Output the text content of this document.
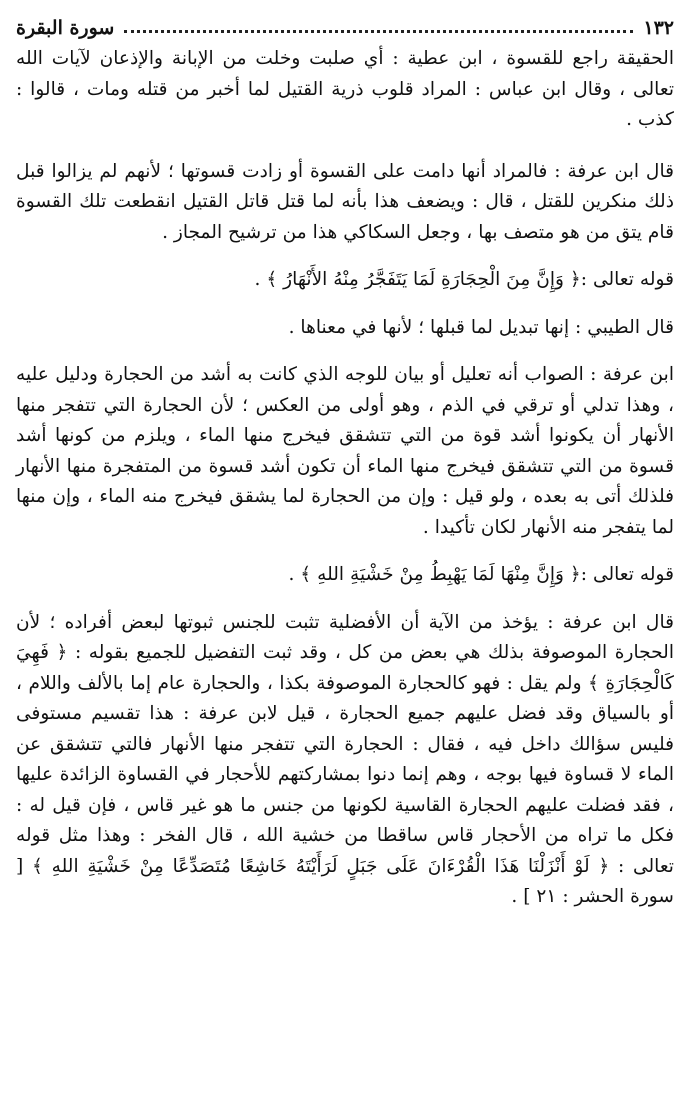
١٣٢
سورة البقرة

الحقيقة راجع للقسوة ، ابن عطية : أي صلبت وخلت من الإبانة والإذعان لآيات الله تعالى ، وقال ابن عباس : المراد قلوب ذرية القتيل لما أخبر من قتله ومات ، قالوا : كذب .

قال ابن عرفة : فالمراد أنها دامت على القسوة أو زادت قسوتها ؛ لأنهم لم يزالوا قبل ذلك منكرين للقتل ، قال : ويضعف هذا بأنه لما قتل قاتل القتيل انقطعت تلك القسوة قام يتق من هو متصف بها ، وجعل السكاكي هذا من ترشيح المجاز .

قوله تعالى :﴿ وَإِنَّ مِنَ الْحِجَارَةِ لَمَا يَتَفَجَّرُ مِنْهُ الأَنْهَارُ ﴾ .

قال الطيبي : إنها تبديل لما قبلها ؛ لأنها في معناها .

ابن عرفة : الصواب أنه تعليل أو بيان للوجه الذي كانت به أشد من الحجارة ودليل عليه ، وهذا تدلي أو ترقي في الذم ، وهو أولى من العكس ؛ لأن الحجارة التي تتفجر منها الأنهار أن يكونوا أشد قوة من التي تتشقق فيخرج منها الماء ، ويلزم من كونها أشد قسوة من التي تتشقق فيخرج منها الماء أن تكون أشد قسوة من المتفجرة منها الأنهار فلذلك أتى به بعده ، ولو قيل : وإن من الحجارة لما يشقق فيخرج منه الماء ، وإن منها لما يتفجر منه الأنهار لكان تأكيدا .

قوله تعالى :﴿ وَإِنَّ مِنْهَا لَمَا يَهْبِطُ مِنْ خَشْيَةِ اللهِ ﴾ .

قال ابن عرفة : يؤخذ من الآية أن الأفضلية تثبت للجنس ثبوتها لبعض أفراده ؛ لأن الحجارة الموصوفة بذلك هي بعض من كل ، وقد ثبت التفضيل للجميع بقوله : ﴿ فَهِيَ كَالْحِجَارَةِ ﴾ ولم يقل : فهو كالحجارة الموصوفة بكذا ، والحجارة عام إما بالألف واللام ، أو بالسياق وقد فضل عليهم جميع الحجارة ، قيل لابن عرفة : هذا تقسيم مستوفى فليس سؤالك داخل فيه ، فقال : الحجارة التي تتفجر منها الأنهار فالتي تتشقق عن الماء لا قساوة فيها بوجه ، وهم إنما دنوا بمشاركتهم للأحجار في القساوة الزائدة عليها ، فقد فضلت عليهم الحجارة القاسية لكونها من جنس ما هو غير قاس ، فإن قيل له : فكل ما تراه من الأحجار قاس ساقطا من خشية الله ، قال الفخر : وهذا مثل قوله تعالى : ﴿ لَوْ أَنْزَلْنَا هَذَا الْقُرْءَانَ عَلَى جَبَلٍ لَرَأَيْتَهُ خَاشِعًا مُتَصَدِّعًا مِنْ خَشْيَةِ اللهِ ﴾ [ سورة الحشر : ٢١ ] .
